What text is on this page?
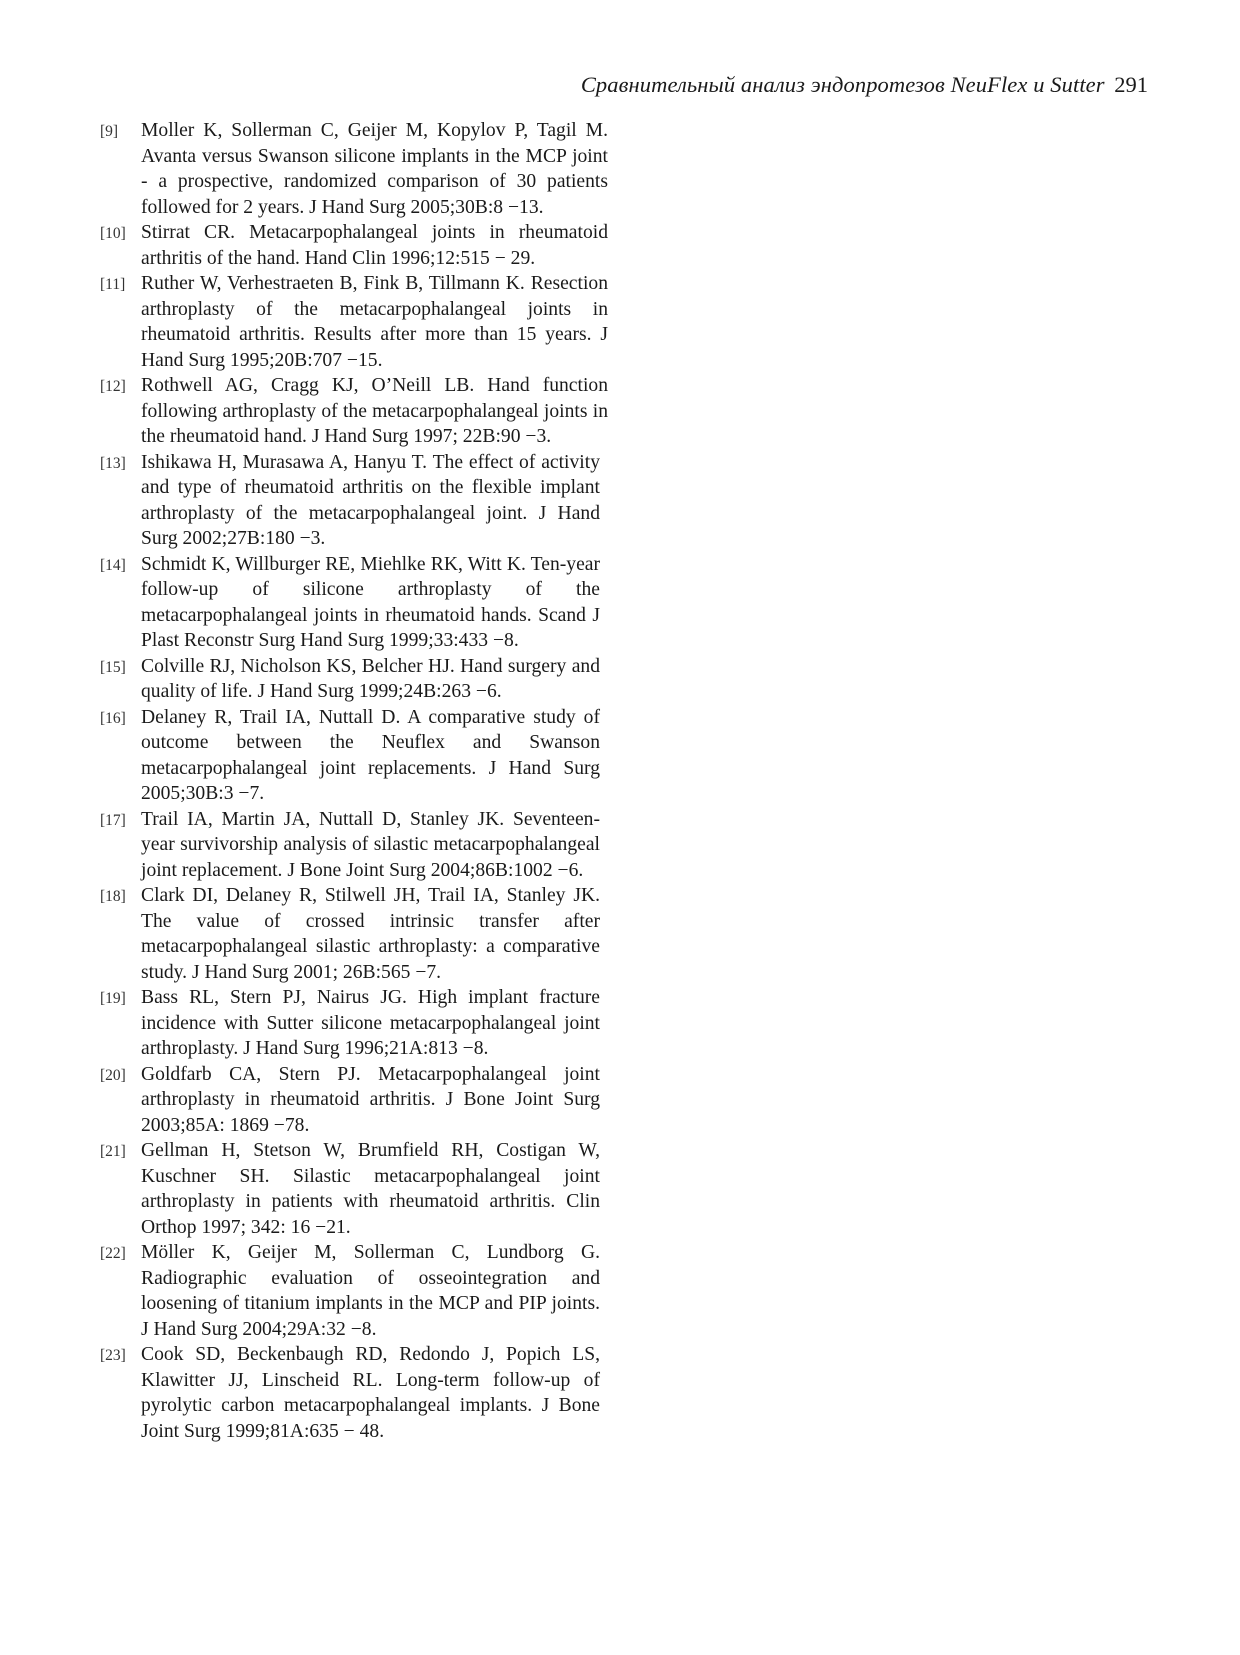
Сравнительный анализ эндопротезов NeuFlex и Sutter 291
[9] Moller K, Sollerman C, Geijer M, Kopylov P, Tagil M. Avanta versus Swanson silicone implants in the MCP joint - a prospective, randomized comparison of 30 patients followed for 2 years. J Hand Surg 2005;30B:8 −13.
[10] Stirrat CR. Metacarpophalangeal joints in rheumatoid arthritis of the hand. Hand Clin 1996;12:515 − 29.
[11] Ruther W, Verhestraeten B, Fink B, Tillmann K. Resection arthroplasty of the metacarpophalangeal joints in rheumatoid arthritis. Results after more than 15 years. J Hand Surg 1995;20B:707 −15.
[12] Rothwell AG, Cragg KJ, O’Neill LB. Hand function following arthroplasty of the metacarpophalangeal joints in the rheumatoid hand. J Hand Surg 1997; 22B:90 −3.
[13] Ishikawa H, Murasawa A, Hanyu T. The effect of activity and type of rheumatoid arthritis on the flexible implant arthroplasty of the metacarpophalangeal joint. J Hand Surg 2002;27B:180 −3.
[14] Schmidt K, Willburger RE, Miehlke RK, Witt K. Ten-year follow-up of silicone arthroplasty of the metacarpophalangeal joints in rheumatoid hands. Scand J Plast Reconstr Surg Hand Surg 1999;33:433 −8.
[15] Colville RJ, Nicholson KS, Belcher HJ. Hand surgery and quality of life. J Hand Surg 1999;24B:263 −6.
[16] Delaney R, Trail IA, Nuttall D. A comparative study of outcome between the Neuflex and Swanson metacarpophalangeal joint replacements. J Hand Surg 2005;30B:3 −7.
[17] Trail IA, Martin JA, Nuttall D, Stanley JK. Seventeen-year survivorship analysis of silastic metacarpophalangeal joint replacement. J Bone Joint Surg 2004;86B:1002 −6.
[18] Clark DI, Delaney R, Stilwell JH, Trail IA, Stanley JK. The value of crossed intrinsic transfer after metacarpophalangeal silastic arthroplasty: a comparative study. J Hand Surg 2001; 26B:565 −7.
[19] Bass RL, Stern PJ, Nairus JG. High implant fracture incidence with Sutter silicone metacarpophalangeal joint arthroplasty. J Hand Surg 1996;21A:813 −8.
[20] Goldfarb CA, Stern PJ. Metacarpophalangeal joint arthroplasty in rheumatoid arthritis. J Bone Joint Surg 2003;85A: 1869 −78.
[21] Gellman H, Stetson W, Brumfield RH, Costigan W, Kuschner SH. Silastic metacarpophalangeal joint arthroplasty in patients with rheumatoid arthritis. Clin Orthop 1997; 342: 16 −21.
[22] Möller K, Geijer M, Sollerman C, Lundborg G. Radiographic evaluation of osseointegration and loosening of titanium implants in the MCP and PIP joints. J Hand Surg 2004;29A:32 −8.
[23] Cook SD, Beckenbaugh RD, Redondo J, Popich LS, Klawitter JJ, Linscheid RL. Long-term follow-up of pyrolytic carbon metacarpophalangeal implants. J Bone Joint Surg 1999;81A:635 − 48.
